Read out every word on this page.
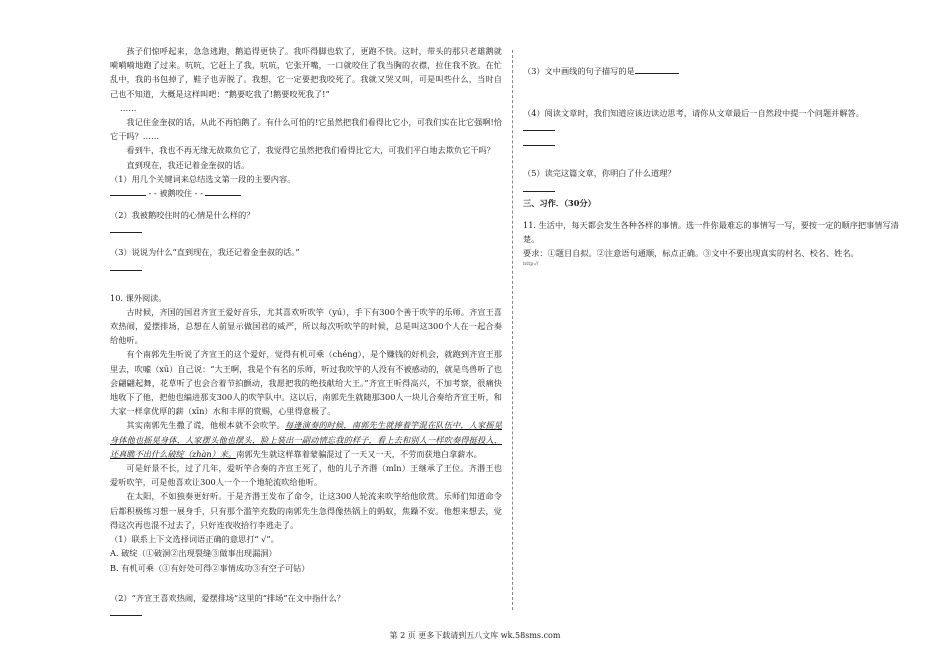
孩子们惊呼起来，急急逃跑，鹅追得更快了。我吓得脚也软了，更跑不快。这时，带头的那只老雄鹅就嗬嗬嗬地跑了过来。吭吭，它赶上了我，吭吭，它张开嘴，一口就咬住了我当胸的衣襟，拉住我不放。在忙乱中，我的书包掉了，鞋子也弄脱了。我想，它一定要把我咬死了。我就又哭又叫，可是叫些什么，当时自己也不知道，大概是这样叫吧：“鹅要吃我了!鹅要咬死我了!”

……

我记住金奎叔的话，从此不再怕鹅了。有什么可怕的!它虽然把我们看得比它小，可我们实在比它强啊!恰它干吗？……

看到牛，我也不再无缘无故欺负它了，我觉得它虽然把我们看得比它大，可我们平白地去欺负它干吗？

直到现在，我还记着金奎叔的话。

（1）用几个关键词来总结选文第一段的主要内容。

- - 被鹅咬住 - -

（2）我被鹅咬住时的心情是什么样的？

（3）说说为什么“直到现在，我还记着金奎叔的话。”

10. 课外阅读。

古时候，齐国的国君齐宣王爱好音乐，尤其喜欢听吹竽（yú），手下有300个善于吹竽的乐师。齐宣王喜欢热闹，爱摆排场，总想在人前显示做国君的威严，所以每次听吹竽的时候，总是叫这300个人在一起合奏给他听。

有个南郭先生听说了齐宣王的这个爱好，觉得有机可乘（chéng），是个赚钱的好机会，就跑到齐宣王那里去，吹嘘（xū）自己说：“大王啊，我是个有名的乐师，听过我吹竽的人没有不被感动的，就是鸟兽听了也会翩翩起舞，花草听了也会合着节拍颤动，我愿把我的绝技献给大王。”齐宣王听得高兴，不加考察，很痛快地收下了他，把他也编进那支300人的吹竽队中。这以后，南郭先生就随那300人一块儿合奏给齐宣王听，和大家一样拿优厚的薪（xīn）水和丰厚的赏赐，心里得意极了。

其实南郭先生撒了谎，他根本就不会吹竽。每逢演奏的时候，南郭先生就捧着竽混在队伍中，人家摇晃身体他也摇晃身体，人家摆头他也摆头，脸上装出一副动情忘我的样子，看上去和别人一样吹奏得挺投入，还真瞧不出什么破绽（zhàn）来。南郭先生就这样靠着蒙骗混过了一天又一天，不劳而获地白拿薪水。

可是好景不长，过了几年，爱听竽合奏的齐宣王死了，他的儿子齐湣（mǐn）王继承了王位。齐湣王也爱听吹竽，可是他喜欢让300人一个一个地轮流吹给他听。

在太阳，不如独奏更好听。于是齐湣王发布了命令，让这300人轮流来吹竽给他欣赏。乐师们知道命令后都积极练习想一展身手，只有那个滥竽充数的南郭先生急得像热锅上的蚂蚁，焦躁不安。他想来想去，觉得这次再也混不过去了，只好连夜收拾行李逃走了。

（1）联系上下文选择词语正确的意思打“ √”。

A. 破绽（①破洞②出现裂缝③做事出现漏洞）

B. 有机可乘（①有好处可得②事情成功③有空子可钻）

（2）“齐宣王喜欢热闹，爱摆排场”这里的“排场”在文中指什么？

（3）文中画线的句子描写的是

（4）阅读文章时，我们知道应该边读边思考，请你从文章最后一自然段中提一个问题并解答。

（5）读完这篇文章，你明白了什么道理？

三、习作．（30分）

11. 生活中，每天都会发生各种各样的事情。选一件你最难忘的事情写一写，要按一定的顺序把事情写清楚。

要求：①题目自拟。②注意语句通顺，标点正确。③文中不要出现真实的村名、校名、姓名。

http://

第 2 页 更多下载请到五八文库 wk.58sms.com
